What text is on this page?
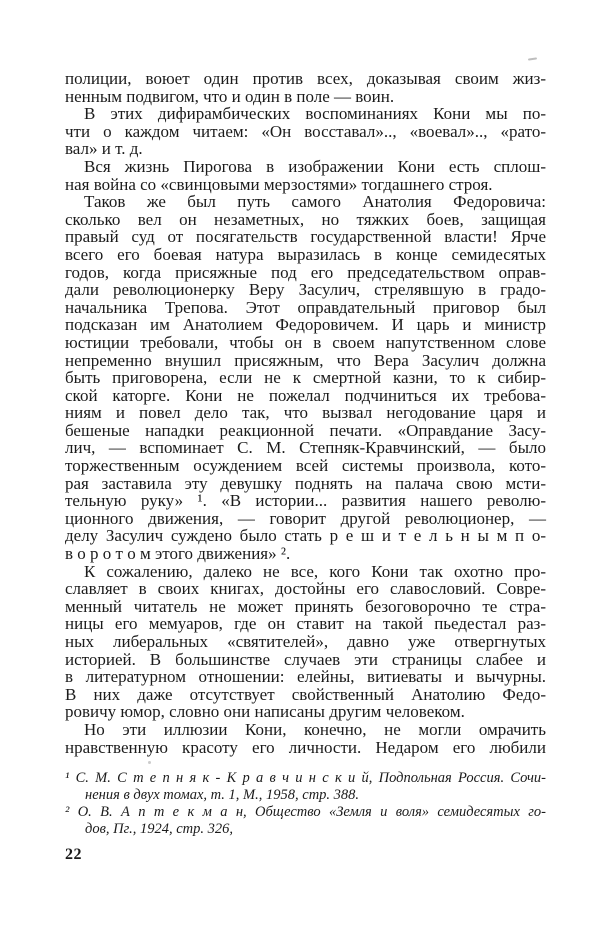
полиции, воюет один против всех, доказывая своим жиз-
ненным подвигом, что и один в поле — воин.
В этих дифирамбических воспоминаниях Кони мы по-
чти о каждом читаем: «Он восставал».., «воевал».., «рато-
вал» и т. д.
Вся жизнь Пирогова в изображении Кони есть сплош-
ная война со «свинцовыми мерзостями» тогдашнего строя.
Таков же был путь самого Анатолия Федоровича:
сколько вел он незаметных, но тяжких боев, защищая
правый суд от посягательств государственной власти! Ярче
всего его боевая натура выразилась в конце семидесятых
годов, когда присяжные под его председательством оправ-
дали революционерку Веру Засулич, стрелявшую в градо-
начальника Трепова. Этот оправдательный приговор был
подсказан им Анатолием Федоровичем. И царь и министр
юстиции требовали, чтобы он в своем напутственном слове
непременно внушил присяжным, что Вера Засулич должна
быть приговорена, если не к смертной казни, то к сибир-
ской каторге. Кони не пожелал подчиниться их требова-
ниям и повел дело так, что вызвал негодование царя и
бешеные нападки реакционной печати. «Оправдание Засу-
лич, — вспоминает С. М. Степняк-Кравчинский, — было
торжественным осуждением всей системы произвола, кото-
рая заставила эту девушку поднять на палача свою мсти-
тельную руку» ¹. «В истории... развития нашего револю-
ционного движения, — говорит другой революционер, —
делу Засулич суждено было стать р е ш и т е л ь н ы м п о-
в о р о т о м этого движения» ².
К сожалению, далеко не все, кого Кони так охотно про-
славляет в своих книгах, достойны его славословий. Совре-
менный читатель не может принять безоговорочно те стра-
ницы его мемуаров, где он ставит на такой пьедестал раз-
ных либеральных «святителей», давно уже отвергнутых
историей. В большинстве случаев эти страницы слабее и
в литературном отношении: елейны, витиеваты и вычурны.
В них даже отсутствует свойственный Анатолию Федо-
ровичу юмор, словно они написаны другим человеком.
Но эти иллюзии Кони, конечно, не могли омрачить
нравственную красоту его личности. Недаром его любили
¹ С. М. С т е п н я к - К р а в ч и н с к и й, Подпольная Россия. Сочи-
нения в двух томах, т. 1, М., 1958, стр. 388.
² О. В. А п т е к м а н, Общество «Земля и воля» семидесятых го-
дов, Пг., 1924, стр. 326,
22
